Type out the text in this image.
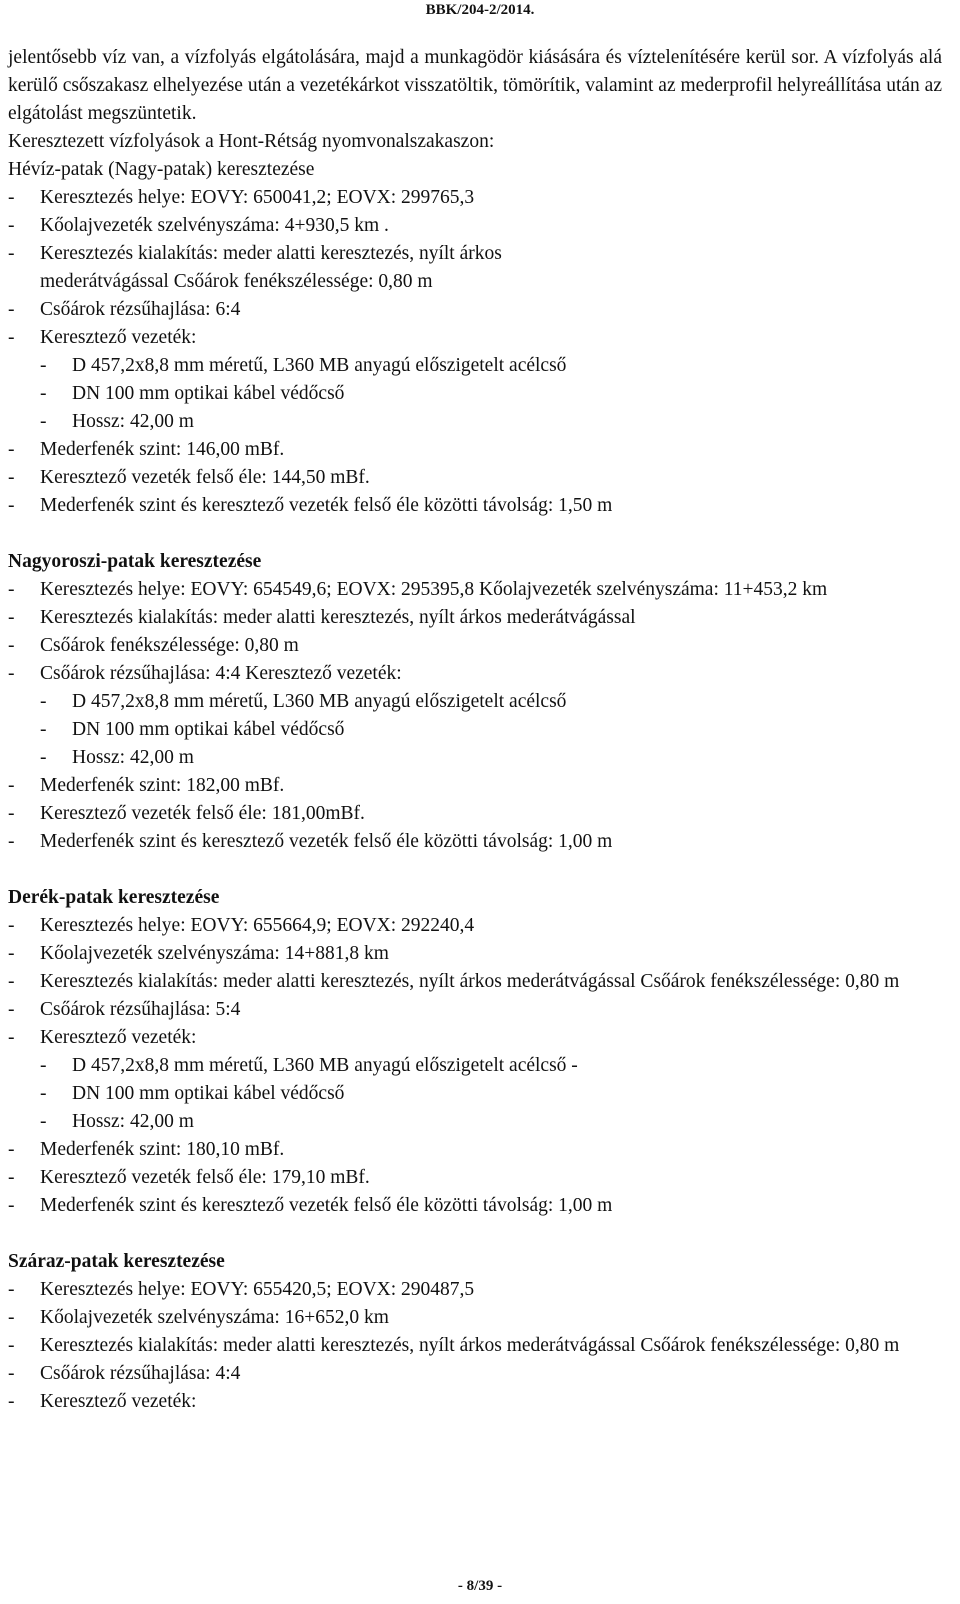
BBK/204-2/2014.
jelentősebb víz van, a vízfolyás elgátolására, majd a munkagödör kiásására és víztelenítésére kerül sor. A vízfolyás alá kerülő csőszakasz elhelyezése után a vezetékárkot visszatöltik, tömörítik, valamint az mederprofil helyreállítása után az elgátolást megszüntetik.
Keresztezett vízfolyások a Hont-Rétság nyomvonalszakaszon:
Hévíz-patak (Nagy-patak) keresztezése
-	Keresztezés helye: EOVY: 650041,2; EOVX: 299765,3
-	Kőolajvezeték szelvényszáma: 4+930,5 km .
-	Keresztezés kialakítás: meder alatti keresztezés, nyílt árkos
mederátvágással Csőárok fenékszélessége: 0,80 m
-	Csőárok rézsűhajlása: 6:4
-	Keresztező vezeték:
-	D 457,2x8,8 mm méretű, L360 MB anyagú előszigetelt acélcső
-	DN 100 mm optikai kábel védőcső
-	Hossz: 42,00 m
-	Mederfenék szint: 146,00 mBf.
-	Keresztező vezeték felső éle: 144,50 mBf.
-	Mederfenék szint és keresztező vezeték felső éle közötti távolság: 1,50 m
Nagyoroszi-patak keresztezése
-	Keresztezés helye: EOVY: 654549,6; EOVX: 295395,8 Kőolajvezeték szelvényszáma: 11+453,2 km
-	Keresztezés kialakítás: meder alatti keresztezés, nyílt árkos mederátvágással
-	Csőárok fenékszélessége: 0,80 m
-	Csőárok rézsűhajlása: 4:4 Keresztező vezeték:
-	D 457,2x8,8 mm méretű, L360 MB anyagú előszigetelt acélcső
-	DN 100 mm optikai kábel védőcső
-	Hossz: 42,00 m
-	Mederfenék szint: 182,00 mBf.
-	Keresztező vezeték felső éle: 181,00mBf.
-	Mederfenék szint és keresztező vezeték felső éle közötti távolság: 1,00 m
Derék-patak keresztezése
-	Keresztezés helye: EOVY: 655664,9; EOVX: 292240,4
-	Kőolajvezeték szelvényszáma: 14+881,8 km
-	Keresztezés kialakítás: meder alatti keresztezés, nyílt árkos mederátvágással Csőárok fenékszélessége: 0,80 m
-	Csőárok rézsűhajlása: 5:4
-	Keresztező vezeték:
-	D 457,2x8,8 mm méretű, L360 MB anyagú előszigetelt acélcső -
-	DN 100 mm optikai kábel védőcső
-	Hossz: 42,00 m
-	Mederfenék szint: 180,10 mBf.
-	Keresztező vezeték felső éle: 179,10 mBf.
-	Mederfenék szint és keresztező vezeték felső éle közötti távolság: 1,00 m
Száraz-patak keresztezése
-	Keresztezés helye: EOVY: 655420,5; EOVX: 290487,5
-	Kőolajvezeték szelvényszáma: 16+652,0 km
-	Keresztezés kialakítás: meder alatti keresztezés, nyílt árkos mederátvágással Csőárok fenékszélessége: 0,80 m
-	Csőárok rézsűhajlása: 4:4
-	Keresztező vezeték:
- 8/39 -
